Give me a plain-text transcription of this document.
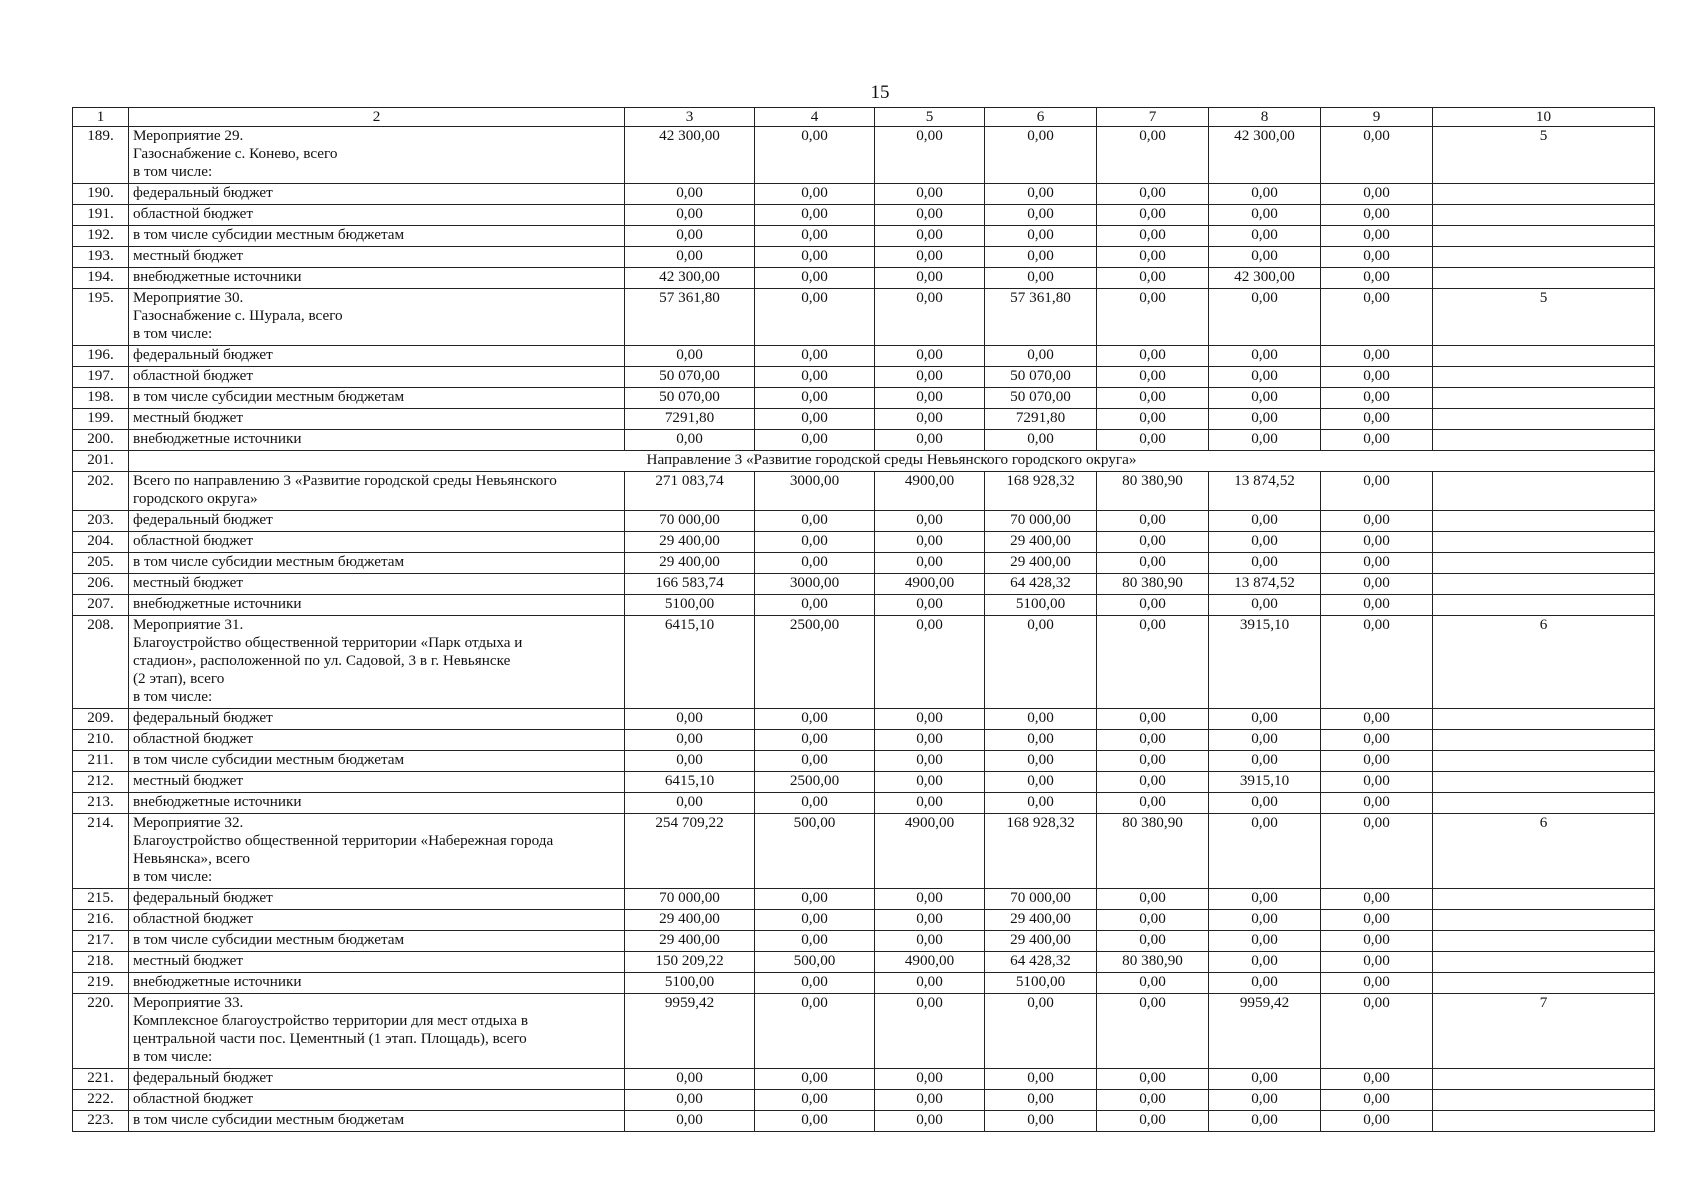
15
1	2	3	4	5	6	7	8	9	10
189.	Мероприятие 29.
Газоснабжение с. Конево, всего
в том числе:	42 300,00	0,00	0,00	0,00	0,00	42 300,00	0,00	5
190.	федеральный бюджет	0,00	0,00	0,00	0,00	0,00	0,00	0,00	
191.	областной бюджет	0,00	0,00	0,00	0,00	0,00	0,00	0,00	
192.	в том числе субсидии местным бюджетам	0,00	0,00	0,00	0,00	0,00	0,00	0,00	
193.	местный бюджет	0,00	0,00	0,00	0,00	0,00	0,00	0,00	
194.	внебюджетные источники	42 300,00	0,00	0,00	0,00	0,00	42 300,00	0,00	
195.	Мероприятие 30.
Газоснабжение с. Шурала, всего
в том числе:	57 361,80	0,00	0,00	57 361,80	0,00	0,00	0,00	5
196.	федеральный бюджет	0,00	0,00	0,00	0,00	0,00	0,00	0,00	
197.	областной бюджет	50 070,00	0,00	0,00	50 070,00	0,00	0,00	0,00	
198.	в том числе субсидии местным бюджетам	50 070,00	0,00	0,00	50 070,00	0,00	0,00	0,00	
199.	местный бюджет	7291,80	0,00	0,00	7291,80	0,00	0,00	0,00	
200.	внебюджетные источники	0,00	0,00	0,00	0,00	0,00	0,00	0,00	
201.	Направление 3 «Развитие городской среды Невьянского городского округа»								
202.	Всего по направлению 3 «Развитие городской среды Невьянского
городского округа»	271 083,74	3000,00	4900,00	168 928,32	80 380,90	13 874,52	0,00	
203.	федеральный бюджет	70 000,00	0,00	0,00	70 000,00	0,00	0,00	0,00	
204.	областной бюджет	29 400,00	0,00	0,00	29 400,00	0,00	0,00	0,00	
205.	в том числе субсидии местным бюджетам	29 400,00	0,00	0,00	29 400,00	0,00	0,00	0,00	
206.	местный бюджет	166 583,74	3000,00	4900,00	64 428,32	80 380,90	13 874,52	0,00	
207.	внебюджетные источники	5100,00	0,00	0,00	5100,00	0,00	0,00	0,00	
208.	Мероприятие 31.
Благоустройство общественной территории «Парк отдыха и
стадион», расположенной по ул. Садовой, 3 в г. Невьянске
(2 этап), всего
в том числе:	6415,10	2500,00	0,00	0,00	0,00	3915,10	0,00	6
209.	федеральный бюджет	0,00	0,00	0,00	0,00	0,00	0,00	0,00	
210.	областной бюджет	0,00	0,00	0,00	0,00	0,00	0,00	0,00	
211.	в том числе субсидии местным бюджетам	0,00	0,00	0,00	0,00	0,00	0,00	0,00	
212.	местный бюджет	6415,10	2500,00	0,00	0,00	0,00	3915,10	0,00	
213.	внебюджетные источники	0,00	0,00	0,00	0,00	0,00	0,00	0,00	
214.	Мероприятие 32.
Благоустройство общественной территории «Набережная города
Невьянска», всего
в том числе:	254 709,22	500,00	4900,00	168 928,32	80 380,90	0,00	0,00	6
215.	федеральный бюджет	70 000,00	0,00	0,00	70 000,00	0,00	0,00	0,00	
216.	областной бюджет	29 400,00	0,00	0,00	29 400,00	0,00	0,00	0,00	
217.	в том числе субсидии местным бюджетам	29 400,00	0,00	0,00	29 400,00	0,00	0,00	0,00	
218.	местный бюджет	150 209,22	500,00	4900,00	64 428,32	80 380,90	0,00	0,00	
219.	внебюджетные источники	5100,00	0,00	0,00	5100,00	0,00	0,00	0,00	
220.	Мероприятие 33.
Комплексное благоустройство территории для мест отдыха в
центральной части пос. Цементный (1 этап. Площадь), всего
в том числе:	9959,42	0,00	0,00	0,00	0,00	9959,42	0,00	7
221.	федеральный бюджет	0,00	0,00	0,00	0,00	0,00	0,00	0,00	
222.	областной бюджет	0,00	0,00	0,00	0,00	0,00	0,00	0,00	
223.	в том числе субсидии местным бюджетам	0,00	0,00	0,00	0,00	0,00	0,00	0,00	
